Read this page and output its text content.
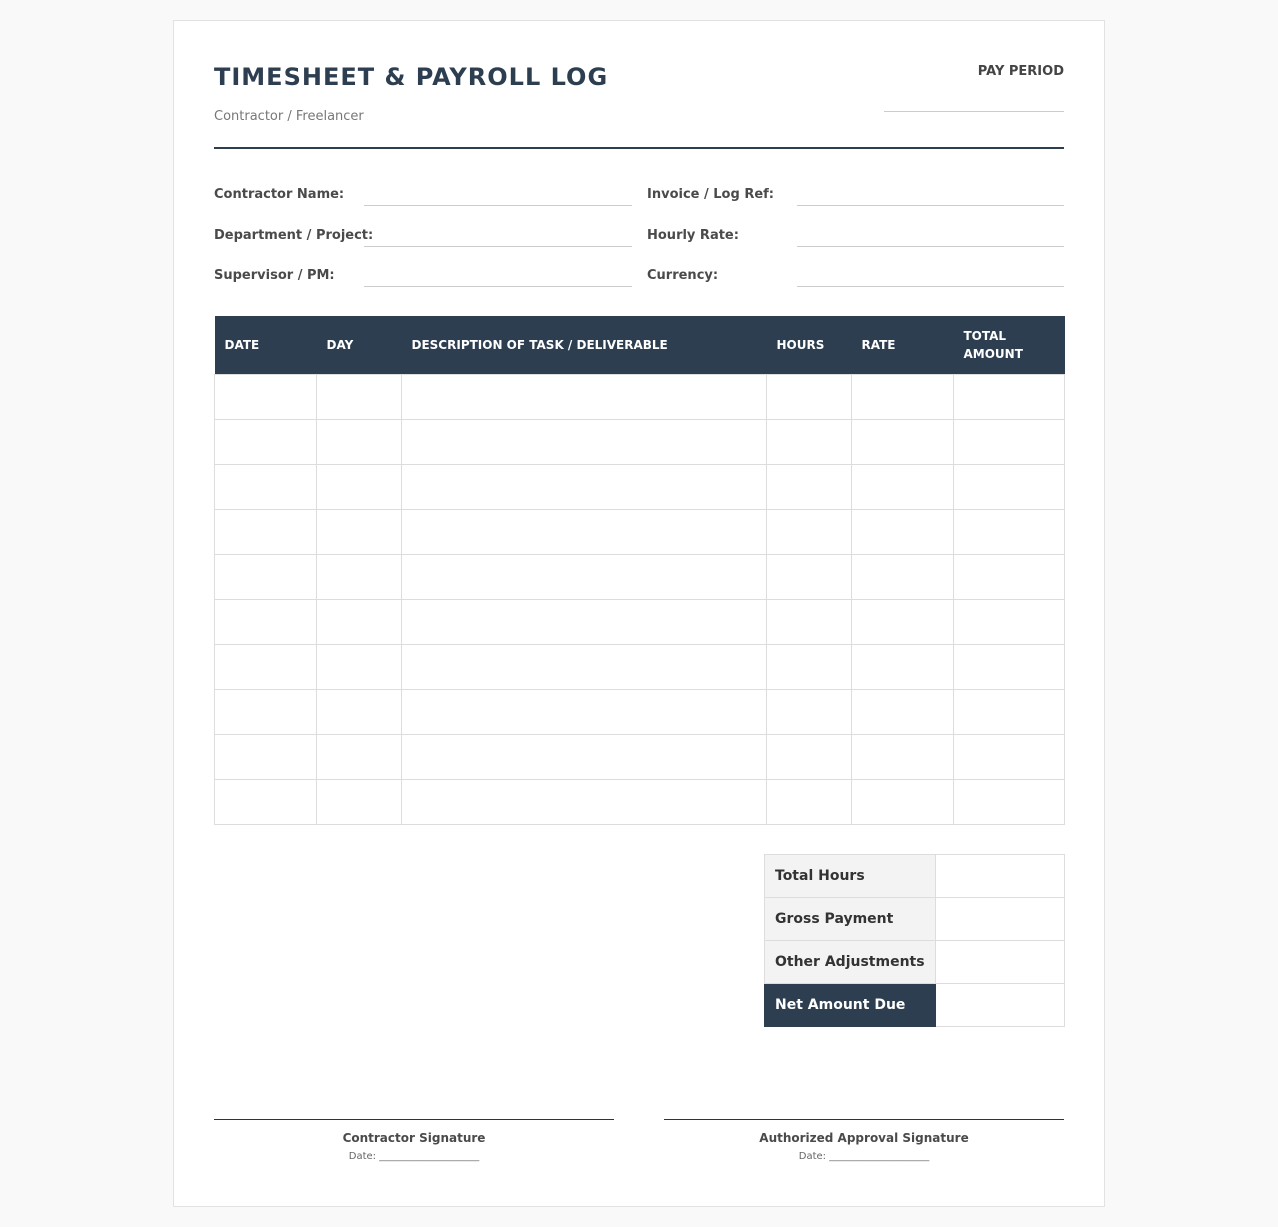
TIMESHEET & PAYROLL LOG
Contractor / Freelancer
PAY PERIOD
Contractor Name:
Department / Project:
Supervisor / PM:
Invoice / Log Ref:
Hourly Rate:
Currency:
DATE	DAY	DESCRIPTION OF TASK / DELIVERABLE	HOURS	RATE	TOTAL AMOUNT

Total Hours	
Gross Payment	
Other Adjustments	
Net Amount Due	
Contractor Signature
Date: ____________________
Authorized Approval Signature
Date: ____________________
